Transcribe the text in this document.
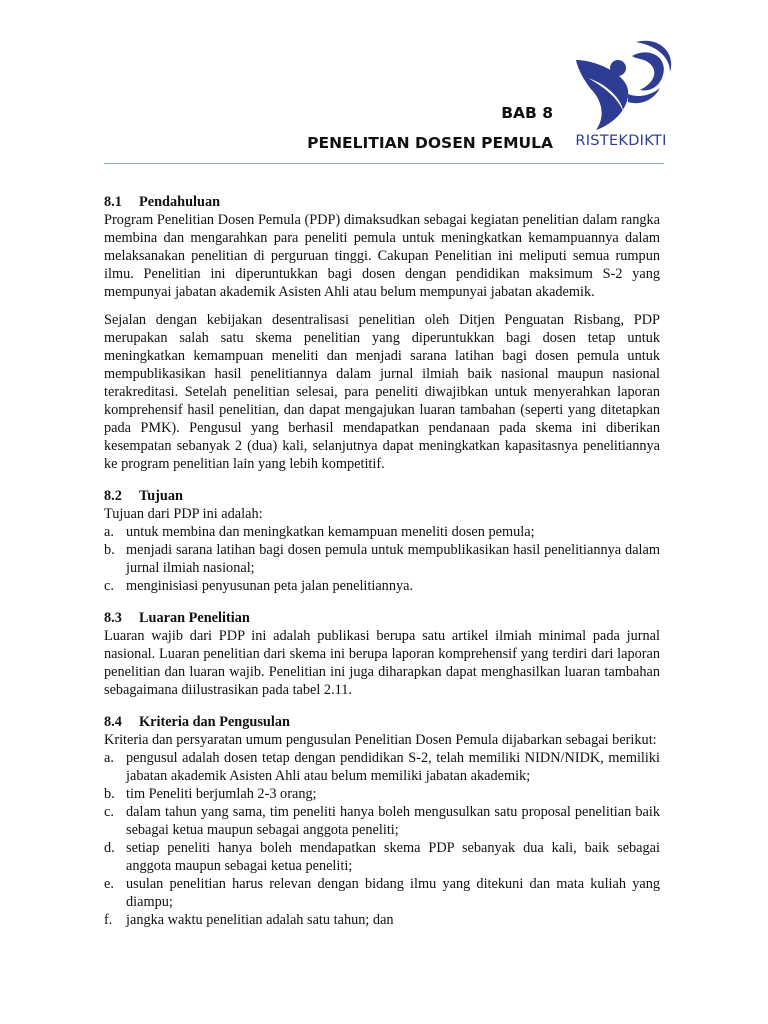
BAB 8
PENELITIAN DOSEN PEMULA	RISTEKDIKTI
8.1 Pendahuluan

Program Penelitian Dosen Pemula (PDP) dimaksudkan sebagai kegiatan penelitian dalam rangka membina dan mengarahkan para peneliti pemula untuk meningkatkan kemampuannya dalam melaksanakan penelitian di perguruan tinggi. Cakupan Penelitian ini meliputi semua rumpun ilmu. Penelitian ini diperuntukkan bagi dosen dengan pendidikan maksimum S-2 yang mempunyai jabatan akademik Asisten Ahli atau belum mempunyai jabatan akademik.

Sejalan dengan kebijakan desentralisasi penelitian oleh Ditjen Penguatan Risbang, PDP merupakan salah satu skema penelitian yang diperuntukkan bagi dosen tetap untuk meningkatkan kemampuan meneliti dan menjadi sarana latihan bagi dosen pemula untuk mempublikasikan hasil penelitiannya dalam jurnal ilmiah baik nasional maupun nasional terakreditasi. Setelah penelitian selesai, para peneliti diwajibkan untuk menyerahkan laporan komprehensif hasil penelitian, dan dapat mengajukan luaran tambahan (seperti yang ditetapkan pada PMK). Pengusul yang berhasil mendapatkan pendanaan pada skema ini diberikan kesempatan sebanyak 2 (dua) kali, selanjutnya dapat meningkatkan kapasitasnya penelitiannya ke program penelitian lain yang lebih kompetitif.

8.2 Tujuan

Tujuan dari PDP ini adalah:

a. untuk membina dan meningkatkan kemampuan meneliti dosen pemula;
b. menjadi sarana latihan bagi dosen pemula untuk mempublikasikan hasil penelitiannya dalam jurnal ilmiah nasional;
c. menginisiasi penyusunan peta jalan penelitiannya.
8.3 Luaran Penelitian

Luaran wajib dari PDP ini adalah publikasi berupa satu artikel ilmiah minimal pada jurnal nasional. Luaran penelitian dari skema ini berupa laporan komprehensif yang terdiri dari laporan penelitian dan luaran wajib. Penelitian ini juga diharapkan dapat menghasilkan luaran tambahan sebagaimana diilustrasikan pada tabel 2.11.

8.4 Kriteria dan Pengusulan

Kriteria dan persyaratan umum pengusulan Penelitian Dosen Pemula dijabarkan sebagai berikut:

a. pengusul adalah dosen tetap dengan pendidikan S-2, telah memiliki NIDN/NIDK, memiliki jabatan akademik Asisten Ahli atau belum memiliki jabatan akademik;
b. tim Peneliti berjumlah 2-3 orang;
c. dalam tahun yang sama, tim peneliti hanya boleh mengusulkan satu proposal penelitian baik sebagai ketua maupun sebagai anggota peneliti;
d. setiap peneliti hanya boleh mendapatkan skema PDP sebanyak dua kali, baik sebagai anggota maupun sebagai ketua peneliti;
e. usulan penelitian harus relevan dengan bidang ilmu yang ditekuni dan mata kuliah yang diampu;
f. jangka waktu penelitian adalah satu tahun; dan
